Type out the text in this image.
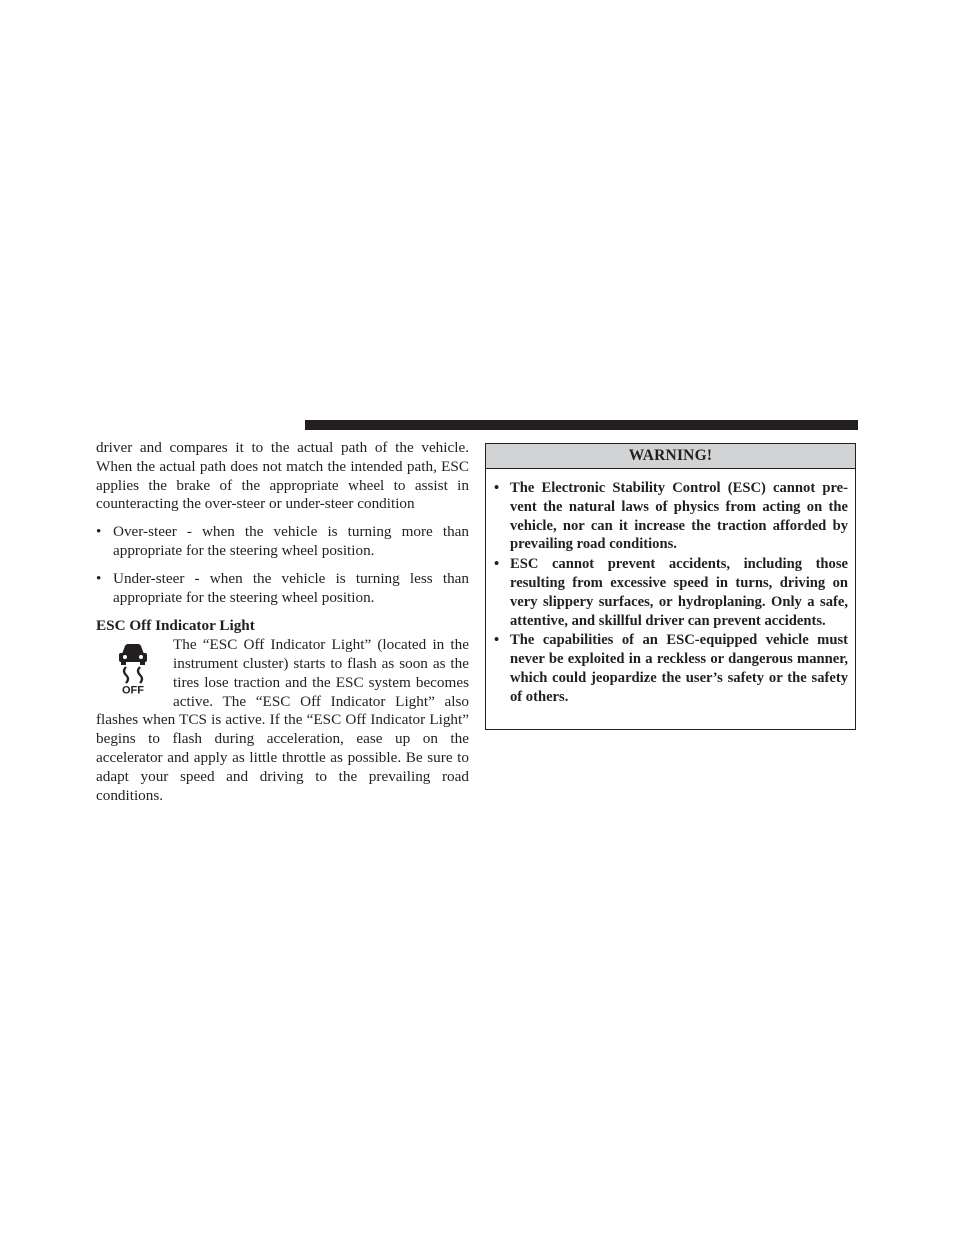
driver and compares it to the actual path of the vehicle. When the actual path does not match the intended path, ESC applies the brake of the appropriate wheel to assist in counteracting the over-steer or under-steer condition

• Over-steer - when the vehicle is turning more than appropriate for the steering wheel position.
• Under-steer - when the vehicle is turning less than appropriate for the steering wheel position.

ESC Off Indicator Light

OFF

The “ESC Off Indicator Light” (located in the instrument cluster) starts to flash as soon as the tires lose traction and the ESC system becomes active. The “ESC Off Indicator Light” also flashes when TCS is active. If the “ESC Off Indicator Light” begins to flash during acceleration, ease up on the accelerator and apply as little throttle as possible. Be sure to adapt your speed and driving to the prevailing road conditions.

WARNING!
• The Electronic Stability Control (ESC) cannot pre-vent the natural laws of physics from acting on the vehicle, nor can it increase the traction afforded by prevailing road conditions.
• ESC cannot prevent accidents, including those resulting from excessive speed in turns, driving on very slippery surfaces, or hydroplaning. Only a safe, attentive, and skillful driver can prevent accidents.
• The capabilities of an ESC-equipped vehicle must never be exploited in a reckless or dangerous manner, which could jeopardize the user’s safety or the safety of others.
